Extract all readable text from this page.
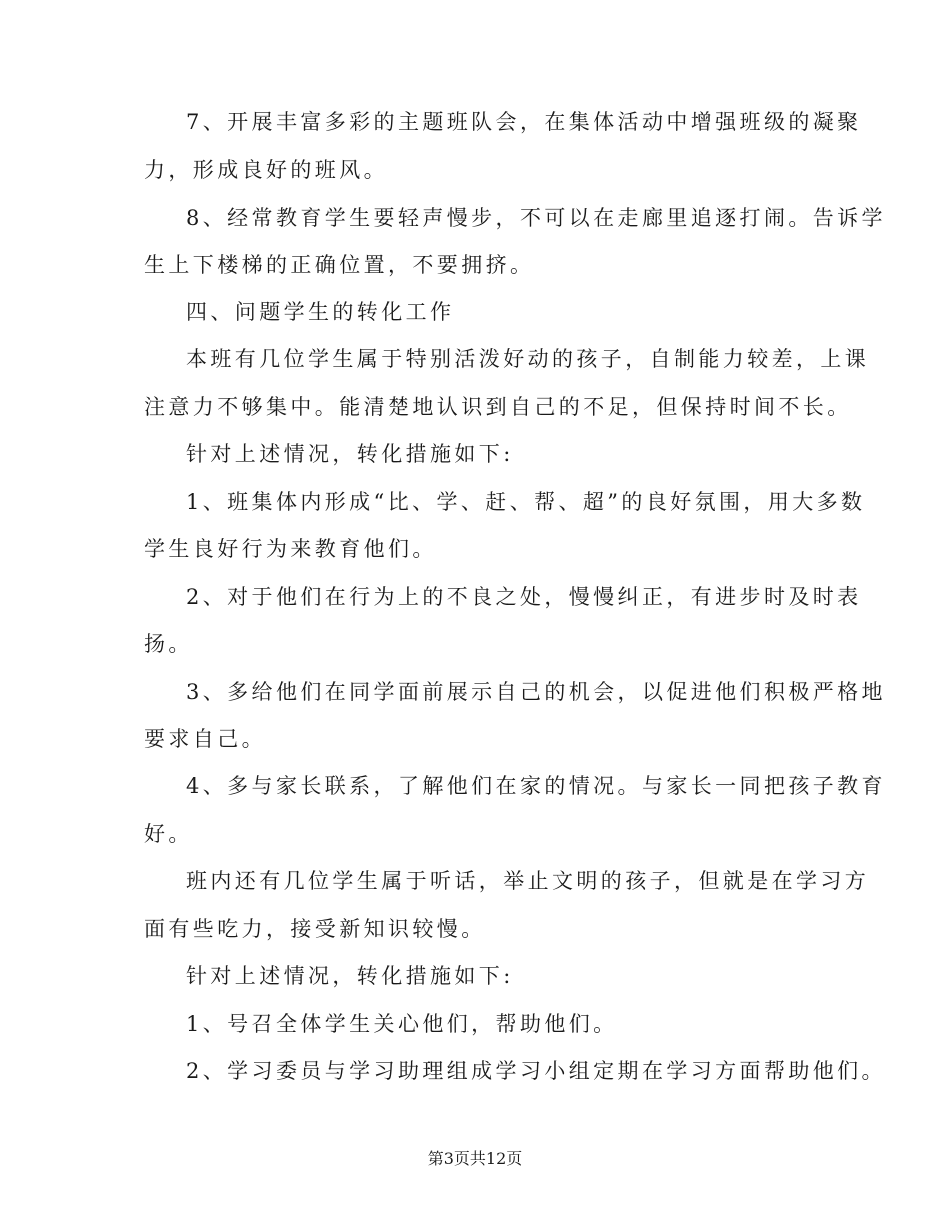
7、开展丰富多彩的主题班队会，在集体活动中增强班级的凝聚
力，形成良好的班风。
8、经常教育学生要轻声慢步，不可以在走廊里追逐打闹。告诉学
生上下楼梯的正确位置，不要拥挤。
四、问题学生的转化工作
本班有几位学生属于特别活泼好动的孩子，自制能力较差，上课
注意力不够集中。能清楚地认识到自己的不足，但保持时间不长。
针对上述情况，转化措施如下:
1、班集体内形成“比、学、赶、帮、超”的良好氛围，用大多数
学生良好行为来教育他们。
2、对于他们在行为上的不良之处，慢慢纠正，有进步时及时表
扬。
3、多给他们在同学面前展示自己的机会，以促进他们积极严格地
要求自己。
4、多与家长联系，了解他们在家的情况。与家长一同把孩子教育
好。
班内还有几位学生属于听话，举止文明的孩子，但就是在学习方
面有些吃力，接受新知识较慢。
针对上述情况，转化措施如下:
1、号召全体学生关心他们，帮助他们。
2、学习委员与学习助理组成学习小组定期在学习方面帮助他们。
第3页共12页
